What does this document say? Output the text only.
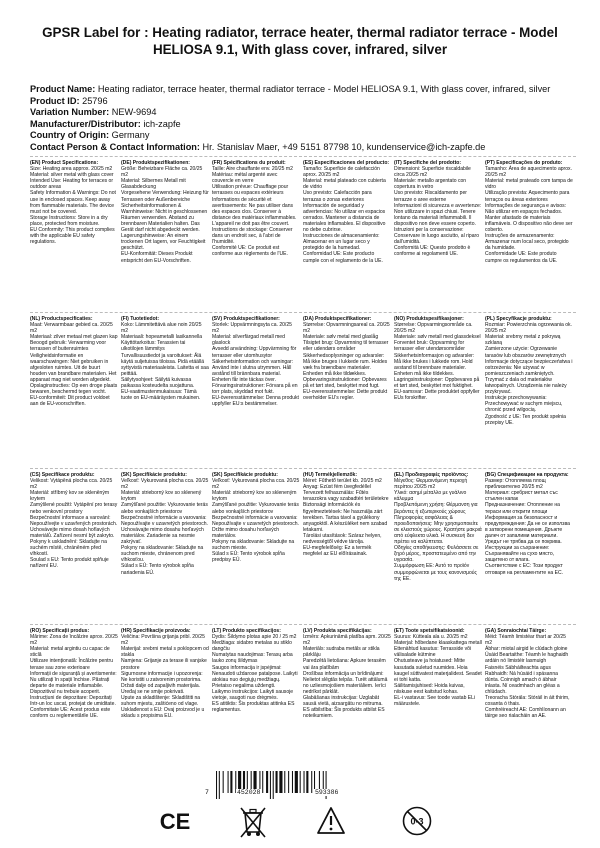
GPSR Label for : Heating radiator, terrace heater, thermal radiator terrace - Model HELIOSA 9.1, With glass cover, infrared, silver
Product Name: Heating radiator, terrace heater, thermal radiator terrace - Model HELIOSA 9.1, With glass cover, infrared, silver
Product ID: 25796
Variation Number: NEW-9694
Manufacturer/Distributor: ich-zapfe
Country of Origin: Germany
Contact Person & Contact Information: Hr. Stanislav Maer, +49 5151 87798 10, kundenservice@ich-zapfe.de
(EN) Product Specifications:
Size: Heating area approx. 20/25 m2
Material: silver metal with glass cover
Intended Use: Heating for terraces or outdoor areas
Safety Information & Warnings: Do not use in enclosed spaces. Keep away from flammable materials. The device must not be covered.
Storage Instructions: Store in a dry place, protected from moisture.
EU Conformity: This product complies with the applicable EU safety regulations.
(DE) Produktspezifikationen:
Größe: Beheizbare Fläche ca. 20/25 m2
Material: Silbernes Metall mit Glasabdeckung
Vorgesehene Verwendung: Heizung für Terrassen oder Außenbereiche
Sicherheitsinformationen & Warnhinweise: Nicht in geschlossenen Räumen verwenden. Abstand zu brennbaren Materialien halten. Das Gerät darf nicht abgedeckt werden.
Lagerungshinweise: An einem trockenen Ort lagern, vor Feuchtigkeit geschützt.
EU-Konformität: Dieses Produkt entspricht den EU-Vorschriften.
(FR) Spécifications du produit:
Taille: Aire chauffante env. 20/25 m2
Matériau: métal argenté avec couvercle en verre
Utilisation prévue: Chauffage pour terrasses ou espaces extérieurs
Informations de sécurité et avertissements: Ne pas utiliser dans des espaces clos. Conserver à distance des matériaux inflammables. L'appareil ne doit pas être couvert.
Instructions de stockage: Conserver dans un endroit sec, à l'abri de l'humidité.
Conformité UE: Ce produit est conforme aux règlements de l'UE.
(ES) Especificaciones del producto:
Tamaño: Superficie de calefacción aprox. 20/25 m2
Material: metal plateado con cubierta de vidrio
Uso previsto: Calefacción para terrazas o zonas exteriores
Información de seguridad y advertencias: No utilizar en espacios cerrados. Mantener a distancia de materiales inflamables. El dispositivo no debe cubrirse.
Instrucciones de almacenamiento: Almacenar en un lugar seco y protegido de la humedad.
Conformidad UE: Este producto cumple con el reglamento de la UE.
(IT) Specifiche del prodotto:
Dimensioni: Superficie riscaldabile circa 20/25 m2
Materiale: metallo argentato con copertura in vetro
Uso previsto: Riscaldamento per terrazze o aree esterne
Informazioni di sicurezza e avvertenze: Non utilizzare in spazi chiusi. Tenere lontano da materiali infiammabili. Il dispositivo non deve essere coperto.
Istruzioni per la conservazione: Conservare in luogo asciutto, al riparo dall'umidità.
Conformità UE: Questo prodotto è conforme ai regolamenti UE.
(PT) Especificações do produto:
Tamanho: Área de aquecimento aprox. 20/25 m2
Material: metal prateado com tampa de vidro
Utilização prevista: Aquecimento para terraços ou áreas exteriores
Informações de segurança e avisos: Não utilizar em espaços fechados. Manter afastado de materiais inflamáveis. O dispositivo não deve ser coberto.
Instruções de armazenamento: Armazenar num local seco, protegido da humidade.
Conformidade UE: Este produto cumpre os regulamentos da UE.
(NL) Productspecificaties:
Maat: Verwarmbaar gebied ca. 20/25 m2
Materiaal: zilver metaal met glazen kap
Beoogd gebruik: Verwarming voor terrassen of buitenruimtes
Veiligheidsinformatie en waarschuwingen: Niet gebruiken in afgesloten ruimtes. Uit de buurt houden van brandbare materialen. Het apparaat mag niet worden afgedekt.
Opslaginstructies: Op een droge plaats bewaren, beschermd tegen vocht.
EU-conformiteit: Dit product voldoet aan de EU-voorschriften.
(FI) Tuotetiedot:
Koko: Lämmitettävä alue noin 20/25 m2
Materiaali: hopeametalli lasikannella
Käyttötarkoitus: Terassien tai ulkotilojen lämmitys
Turvallisuustiedot ja varoitukset: Älä käytä suljetuissa tiloissa. Pidä etäällä syttyvistä materiaaleista. Laitetta ei saa peittää.
Säilytysohjeet: Säilytä kuivassa paikassa kosteudelta suojattuna.
EU-vaatimustenmukaisuus: Tämä tuote on EU-määräysten mukainen.
(SV) Produktspecifikationer:
Storlek: Uppvärmningsyta ca. 20/25 m2
Material: silverfärgad metall med glaslock
Avsedd användning: Uppvärmning för terrasser eller utomhusytor
Säkerhetsinformation och varningar: Använd inte i slutna utrymmen. Håll avstånd till brännbara material. Enheten får inte täckas över.
Förvaringsinstruktioner: Förvara på en torr plats, skyddad mot fukt.
EU-överensstämmelse: Denna produkt uppfyller EU:s bestämmelser.
(DA) Produktspecifikationer:
Størrelse: Opvarmningsareal ca. 20/25 m2
Materiale: sølv metal med glaslåg
Tilsigtet brug: Opvarmning til terrasser eller udendørs områder
Sikkerhedsoplysninger og advarsler: Må ikke bruges i lukkede rum. Holdes væk fra brændbare materialer. Enheden må ikke tildækkes.
Opbevaringsinstruktioner: Opbevares på et tørt sted, beskyttet mod fugt.
EU-overensstemmelse: Dette produkt overholder EU's regler.
(NO) Produktspesifikasjoner:
Størrelse: Oppvarmingsområde ca. 20/25 m2
Materiale: sølv metall med glassdeksel
Forventet bruk: Oppvarming for terrasser eller utendørsområder
Sikkerhetsinformasjon og advarsler: Må ikke brukes i lukkede rom. Hold avstand til brennbare materialer. Enheten må ikke tildekkes.
Lagringsinstruksjoner: Oppbevares på et tørt sted, beskyttet mot fuktighet.
EU-samsvar: Dette produktet oppfyller EUs forskrifter.
(PL) Specyfikacje produktu:
Rozmiar: Powierzchnia ogrzewania ok. 20/25 m2
Materiał: srebrny metal z pokrywą szklaną
Zamierzone użycie: Ogrzewanie tarasów lub obszarów zewnętrznych
Informacje dotyczące bezpieczeństwa i ostrzeżenia: Nie używać w pomieszczeniach zamkniętych. Trzymać z dala od materiałów łatwopalnych. Urządzenia nie należy przykrywać.
Instrukcje przechowywania: Przechowywać w suchym miejscu, chronić przed wilgocią.
Zgodność z UE: Ten produkt spełnia przepisy UE.
(CS) Specifikace produktu:
Velikost: Vytápěná plocha cca. 20/25 m2
Materiál: stříbrný kov se skleněným krytem
Zamýšlené použití: Vytápění pro terasy nebo venkovní prostory
Bezpečnostní informace a varování: Nepoužívejte v uzavřených prostorách. Uchovávejte mimo dosah hořlavých materiálů. Zařízení nesmí být zakryto.
Pokyny k uskladnění: Skladujte na suchém místě, chráněném před vlhkostí.
Soulad s EU: Tento produkt splňuje nařízení EU.
(SK) Špecifikácie produktu:
Veľkosť: Vykurovaná plocha cca. 20/25 m2
Materiál: strieborný kov so sklenený krytom
Zamýšľané použitie: Vykurovanie terás alebo vonkajších priestorov
Bezpečnostné informácie a varovania: Nepoužívajte v uzavretých priestoroch. Uchovávajte mimo dosahu horľavých materiálov. Zariadenie sa nesmie zakrývať.
Pokyny na skladovanie: Skladujte na suchom mieste, chránenom pred vlhkosťou.
Súlad s EÚ: Tento výrobok spĺňa nariadenia EÚ.
(SK) Špecifikácie produktu:
Veľkosť: Vykurovaná plocha cca. 20/25 m2
Materiál: strieborný kov so skleneným krytom
Zamýšľané použitie: Vykurovanie terás alebo vonkajších priestorov
Bezpečnostné informácie a varovania: Nepoužívajte v uzavretých priestoroch. Držte mimo dosahu horľavých materiálov.
Pokyny na skladovanie: Skladujte na suchom mieste.
Súlad s EÚ: Tento výrobok spĺňa predpisy EÚ.
(HU) Termékjellemzők:
Méret: Fűthető terület kb. 20/25 m2
Anyag: Ezüst fém üvegfedéllel
Tervezett felhasználás: Fűtés teraszokra vagy szabadtéri területekre
Biztonsági információk és figyelmeztetések: Ne használja zárt terekben. Tartsa távol a gyúlékony anyagoktól. A készüléket nem szabad letakarni.
Tárolási utasítások: Száraz helyen, nedvességtől védve tárolja.
EU-megfelelőség: Ez a termék megfelel az EU előírásainak.
(EL) Προδιαγραφές προϊόντος:
Μέγεθος: Θερμαινόμενη περιοχή περίπου 20/25 m2
Υλικό: ασημί μέταλλο με γυάλινο κάλυμμα
Προβλεπόμενη χρήση: Θέρμανση για βεράντες ή εξωτερικούς χώρους
Πληροφορίες ασφάλειας & προειδοποιήσεις: Μην χρησιμοποιείτε σε κλειστούς χώρους. Κρατήστε μακριά από εύφλεκτα υλικά. Η συσκευή δεν πρέπει να καλύπτεται.
Οδηγίες αποθήκευσης: Φυλάσσετε σε ξηρό μέρος, προστατευμένο από την υγρασία.
Συμμόρφωση ΕΕ: Αυτό το προϊόν συμμορφώνεται με τους κανονισμούς της ΕΕ.
(BG) Спецификации на продукта:
Размер: Отопляема площ приблизително 20/25 m2
Материал: сребрист метал със стъклен капак
Предназначение: Отопление на тераси или открити площи
Информация за безопасност и предупреждения: Да не се използва в затворени помещения. Дръжте далеч от запалими материали. Уредът не трябва да се покрива.
Инструкции за съхранение: Съхранявайте на сухо място, защитено от влага.
Съответствие с ЕС: Този продукт отговаря на регламентите на ЕС.
(RO) Specificații produs:
Mărime: Zona de încălzire aprox. 20/25 m2
Material: metal argintiu cu capac de sticlă
Utilizare intenționată: Încălzire pentru terase sau zone exterioare
Informații de siguranță și avertismente: Nu utilizați în spații închise. Păstrați departe de materiale inflamabile. Dispozitivul nu trebuie acoperit.
Instrucțiuni de depozitare: Depozitați într-un loc uscat, protejat de umiditate.
Conformitate UE: Acest produs este conform cu reglementările UE.
(HR) Specifikacije proizvoda:
Veličina: Površina grijanja pribl. 20/25 m2
Materijal: srebrni metal s poklopcem od stakla
Namjena: Grijanje za terase ili vanjske prostore
Sigurnosne informacije i upozorenja: Ne koristiti u zatvorenim prostorima. Držati dalje od zapaljivih materijala. Uređaj se ne smije pokrivati.
Upute za skladištenje: Skladištiti na suhom mjestu, zaštićeno od vlage.
Usklađenost s EU: Ovaj proizvod je u skladu s propisima EU.
(LT) Produkto specifikacijos:
Dydis: Šildymo plotas apie 20 / 25 m2
Medžiaga: sidabro metalas su stiklo dangčiu
Numatytas naudojimas: Terasų arba lauko zonų šildymas
Saugos informacija ir įspėjimai: Nenaudoti uždarose patalpose. Laikyti atokiau nuo degiųjų medžiagų. Prietaiso negalima uždengti.
Laikymo instrukcijos: Laikyti sausoje vietoje, saugoti nuo drėgmės.
ES atitiktis: Šis produktas atitinka ES reglamentus.
(LV) Produkta specifikācijas:
Izmērs: Apkurināmā platība apm. 20/25 m2
Materiāls: sudraba metāls ar stikla pārklāju
Paredzētā lietošana: Apkure terasēm vai āra platībām
Drošības informācija un brīdinājumi: Nelietot slēgtās telpās. Turēt attālumā no uzliesmojošiem materiāliem. Ierīci nedrīkst pārklāt.
Glabāšanas instrukcijas: Uzglabāt sausā vietā, aizsargātu no mitruma.
ES atbilstība: Šis produkts atbilst ES noteikumiem.
(ET) Toote spetsifikatsioonid:
Suurus: Kütteala ala u. 20/25 m2
Materjal: hõbedane klaaskattega metall
Ettenähtud kasutus: Terrasside või välisalade kütmine
Ohutusteave ja hoiatused: Mitte kasutada suletud ruumides. Hoia kaugel süttivatest materjalidest. Seadet ei tohi katta.
Säilitamisjuhised: Hoida kuivas, niiskuse eest kaitstud kohas.
EL-i vastavus: See toode vastab ELi määrustele.
(GA) Sonraíochtaí Táirge:
Méid: Téamh limistéar thart ar 20/25 m2
Ábhar: miotal airgid le clúdach gloine
Úsáid Beartaithe: Téamh le haghaidh ardáin nó limistéir lasmuigh
Faisnéis Sábháilteachta agus Rabhaidh: Ná húsáid i spásanna dúnta. Coinnigh amach ó ábhair inlasta. Ní ceadmhach an gléas a chlúdach.
Treoracha Stórála: Stóráil in áit thirim, cosanta ó thais.
Comhréireacht AE: Comhlíonann an táirge seo rialacháin an AE.
7	452028	593386
CE	0-3
